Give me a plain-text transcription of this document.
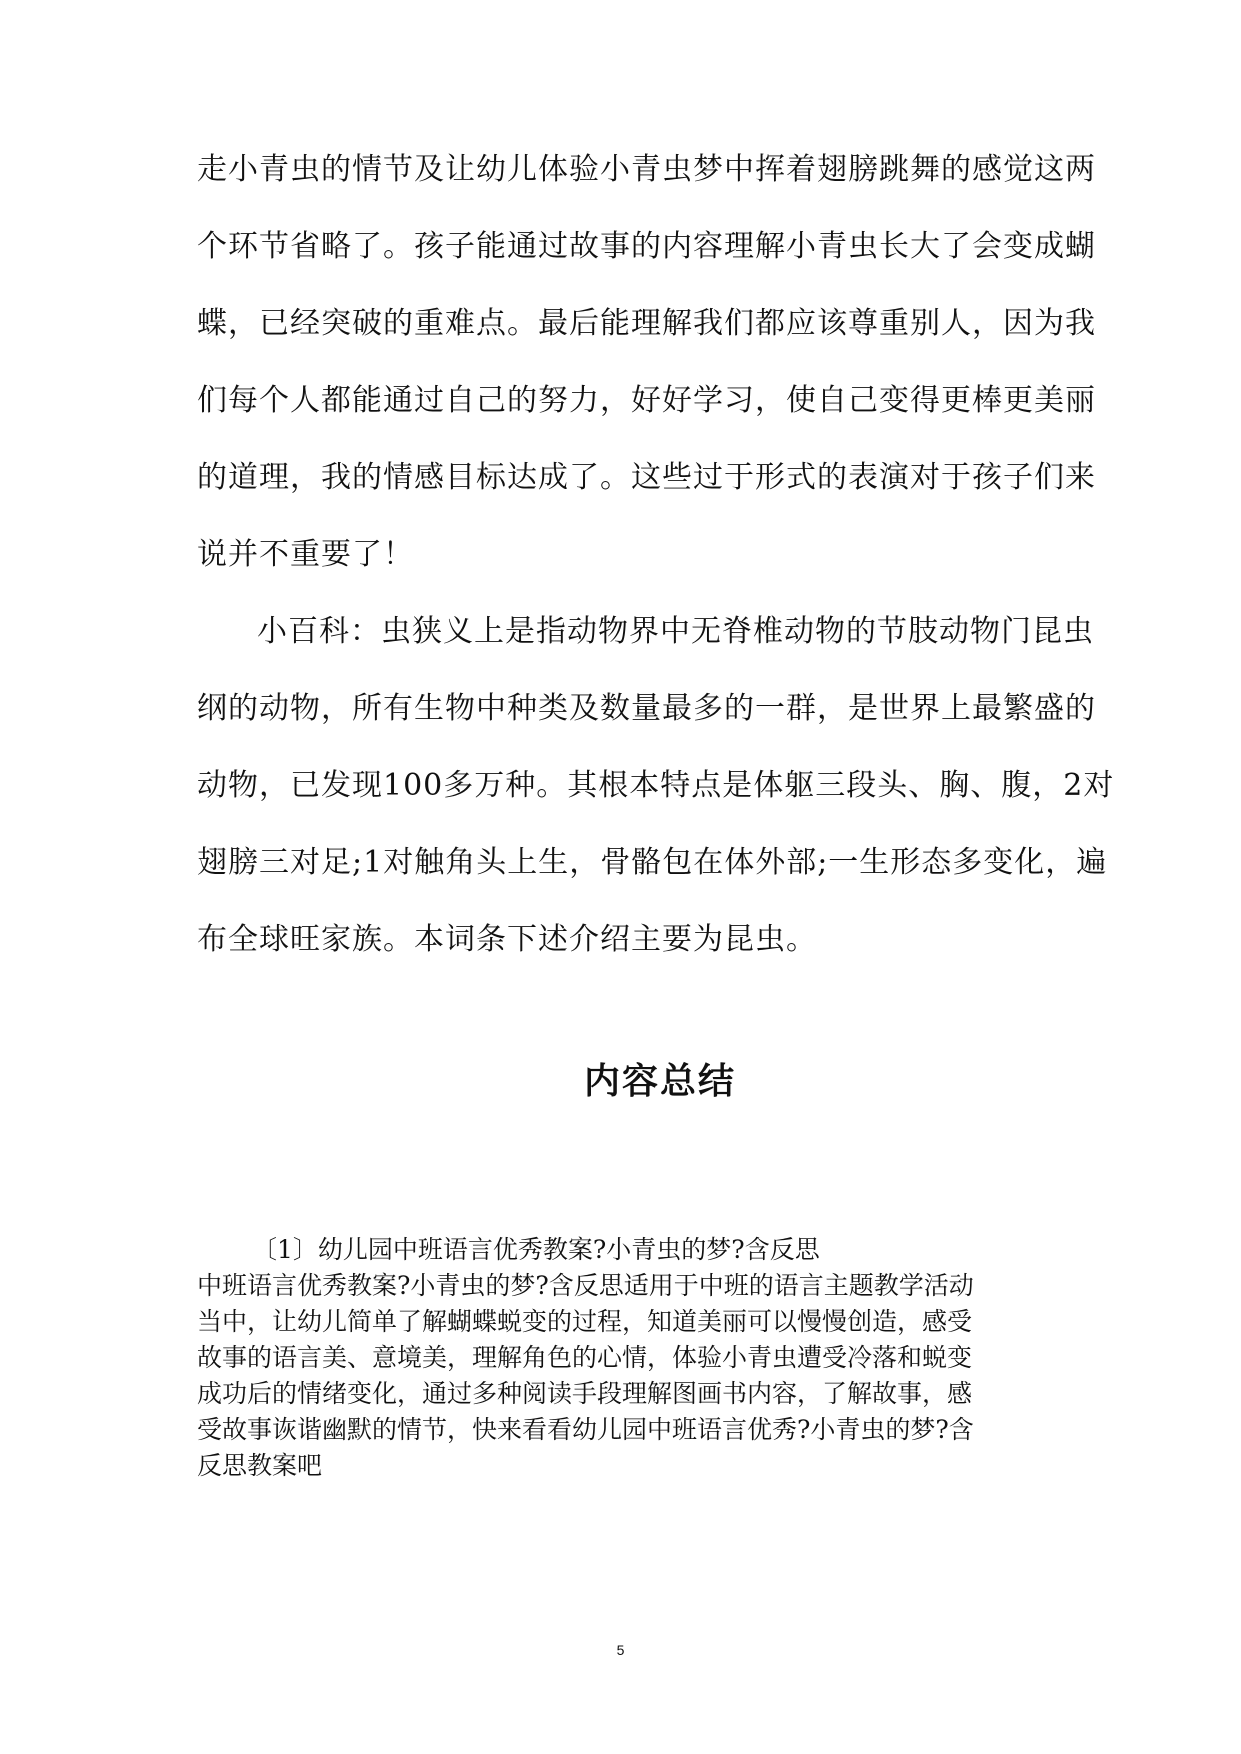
走小青虫的情节及让幼儿体验小青虫梦中挥着翅膀跳舞的感觉这两
个环节省略了。孩子能通过故事的内容理解小青虫长大了会变成蝴
蝶，已经突破的重难点。最后能理解我们都应该尊重别人，因为我
们每个人都能通过自己的努力，好好学习，使自己变得更棒更美丽
的道理，我的情感目标达成了。这些过于形式的表演对于孩子们来
说并不重要了！
小百科：虫狭义上是指动物界中无脊椎动物的节肢动物门昆虫
纲的动物，所有生物中种类及数量最多的一群，是世界上最繁盛的
动物，已发现100多万种。其根本特点是体躯三段头、胸、腹，2对
翅膀三对足;1对触角头上生，骨骼包在体外部;一生形态多变化，遍
布全球旺家族。本词条下述介绍主要为昆虫。
内容总结
〔1〕幼儿园中班语言优秀教案?小青虫的梦?含反思
中班语言优秀教案?小青虫的梦?含反思适用于中班的语言主题教学活动
当中，让幼儿简单了解蝴蝶蜕变的过程，知道美丽可以慢慢创造，感受
故事的语言美、意境美，理解角色的心情，体验小青虫遭受冷落和蜕变
成功后的情绪变化，通过多种阅读手段理解图画书内容，了解故事，感
受故事诙谐幽默的情节，快来看看幼儿园中班语言优秀?小青虫的梦?含
反思教案吧
5
